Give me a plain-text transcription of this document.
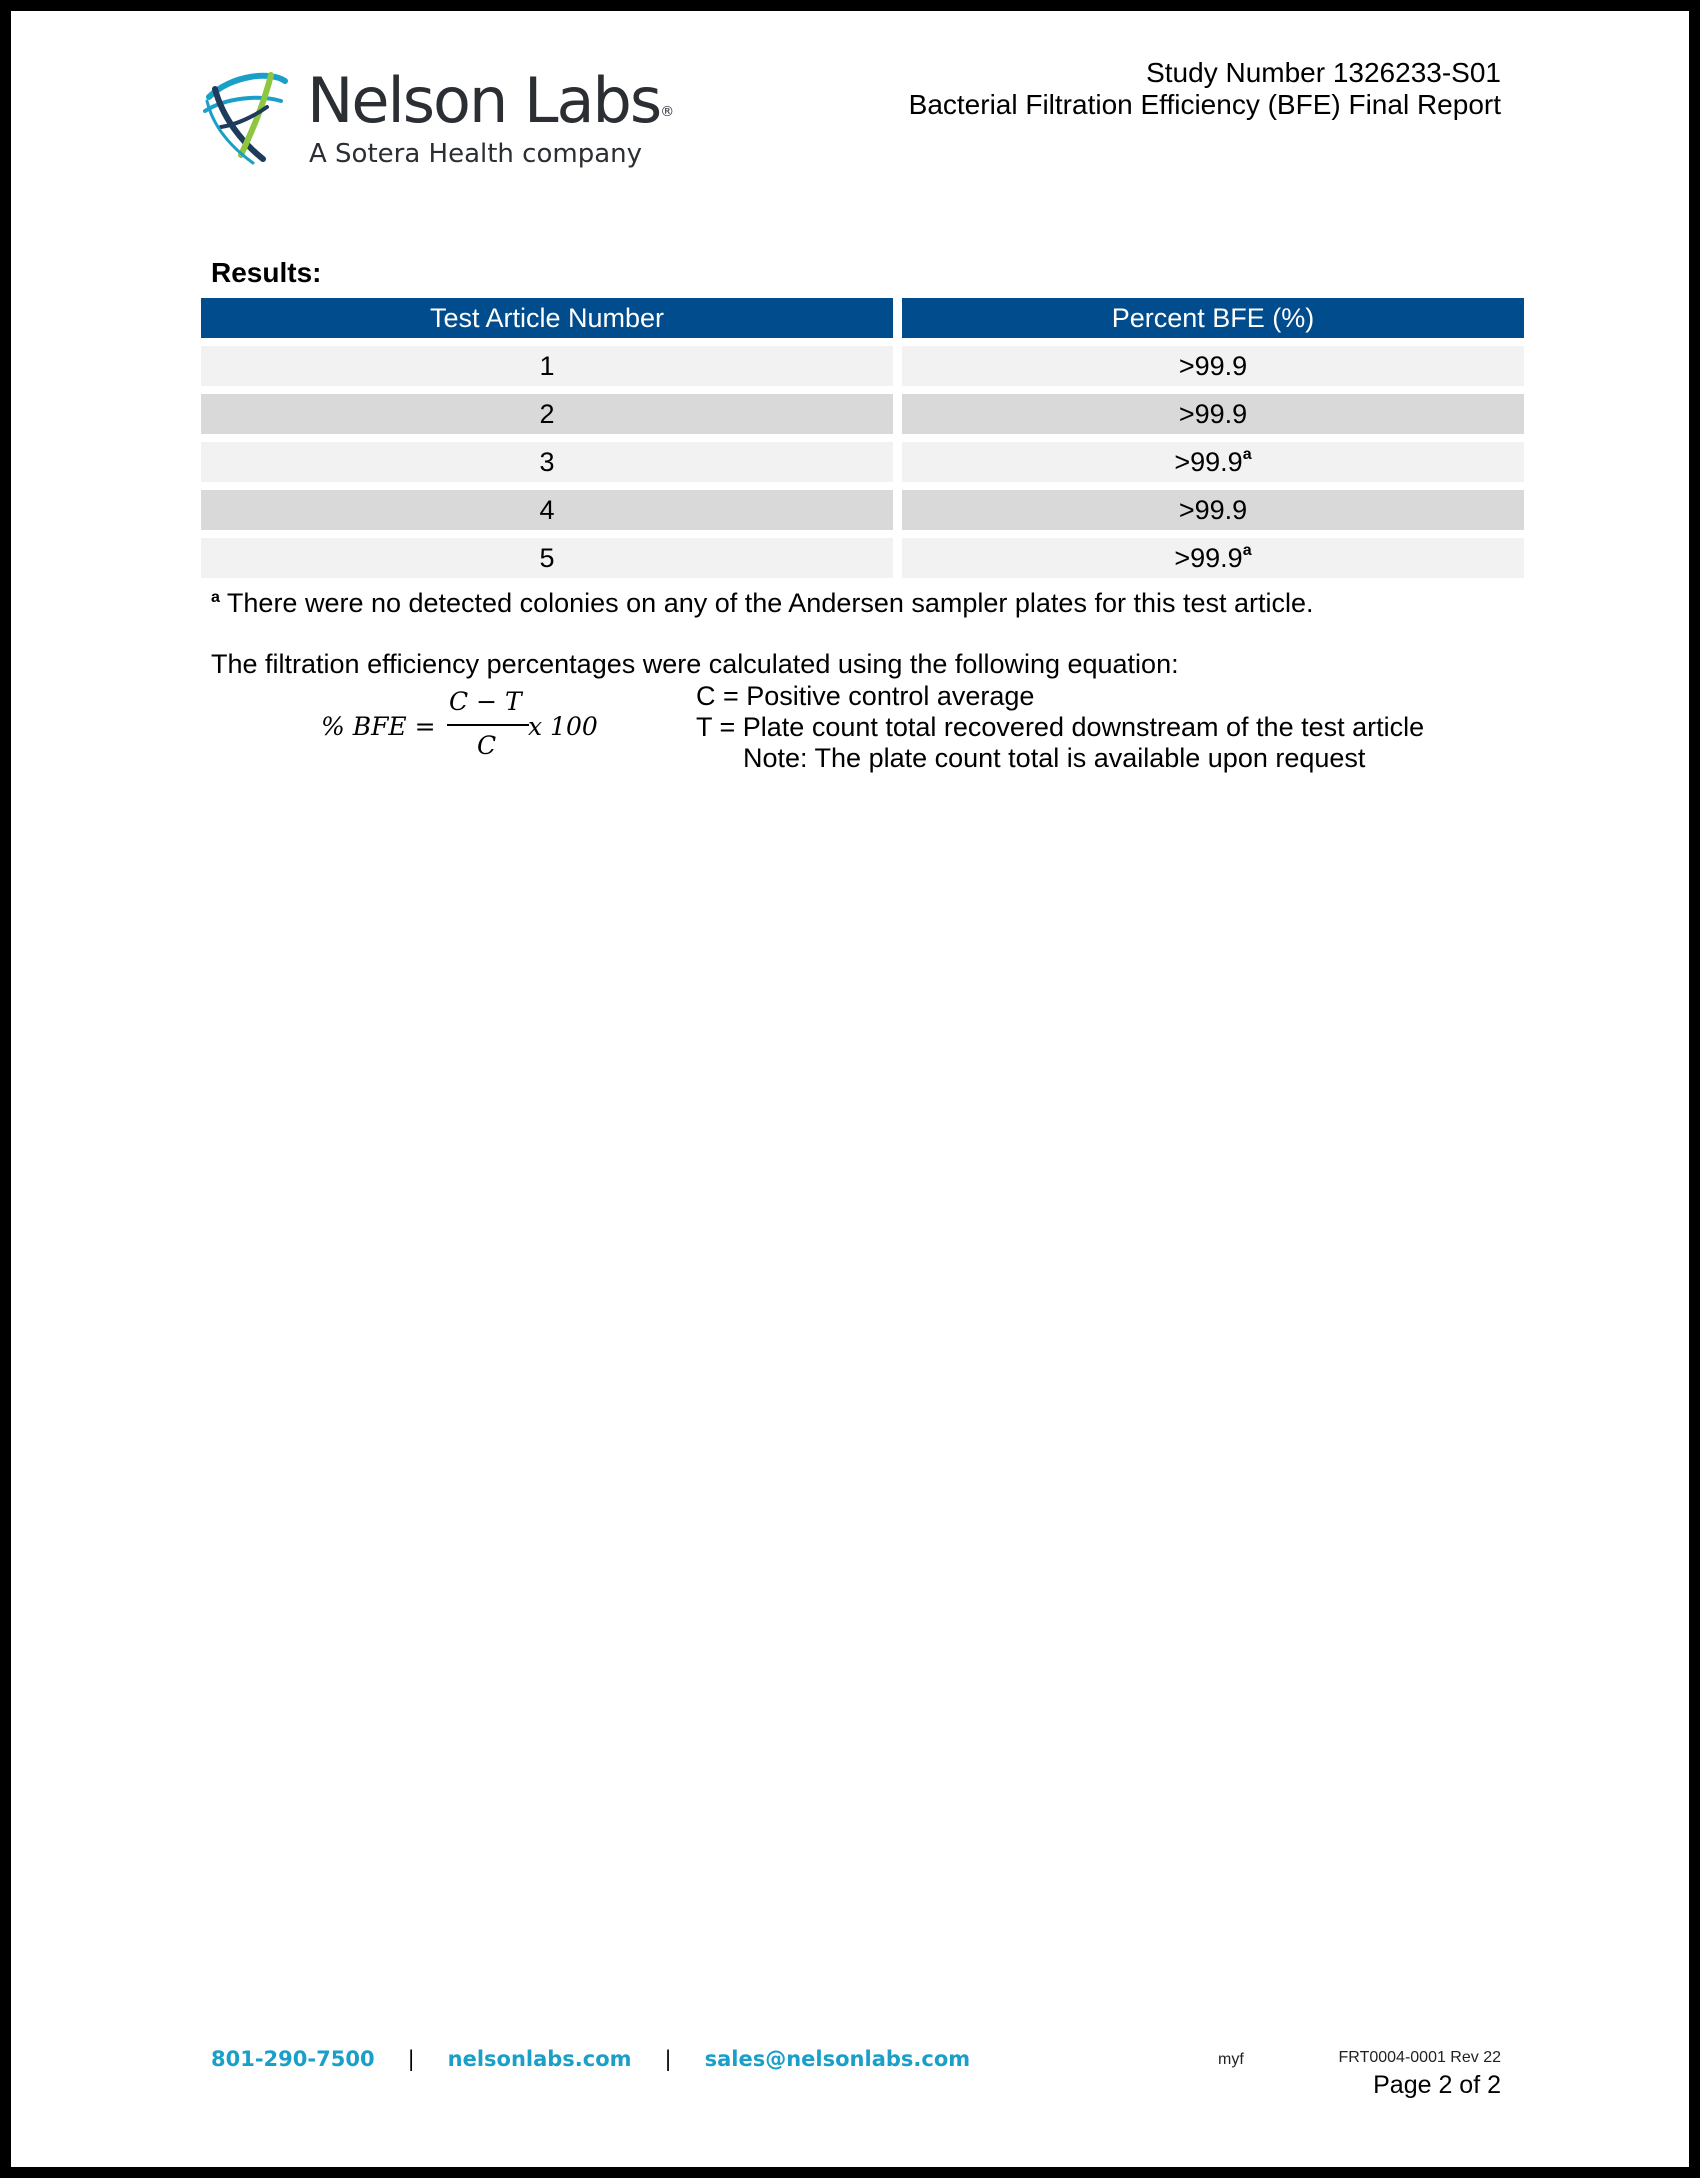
Nelson Labs®
A Sotera Health company
Study Number 1326233-S01
Bacterial Filtration Efficiency (BFE) Final Report
Results:
Test Article Number	Percent BFE (%)
1	>99.9
2	>99.9
3	>99.9$^a$
4	>99.9
5	>99.9$^a$
$^a$ There were no detected colonies on any of the Andersen sampler plates for this test article.
The filtration efficiency percentages were calculated using the following equation:
% BFE =
C − T
C
x 100
C = Positive control average
T = Plate count total recovered downstream of the test article
Note: The plate count total is available upon request
801-290-7500 | nelsonlabs.com | sales@nelsonlabs.com	myf	FRT0004-0001 Rev 22
Page 2 of 2
